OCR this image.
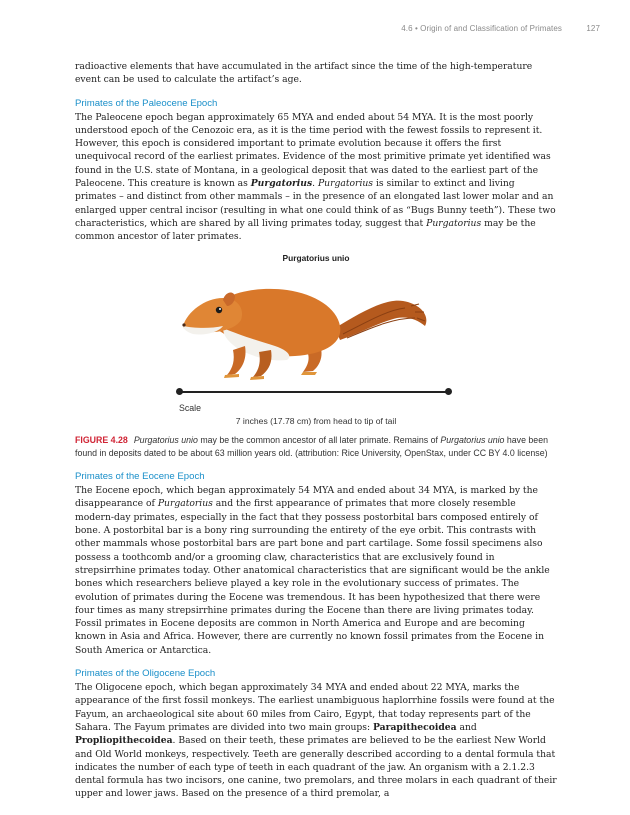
4.6 • Origin of and Classification of Primates	127

radioactive elements that have accumulated in the artifact since the time of the high-temperature event can be used to calculate the artifact’s age.

Primates of the Paleocene Epoch

The Paleocene epoch began approximately 65 MYA and ended about 54 MYA. It is the most poorly understood epoch of the Cenozoic era, as it is the time period with the fewest fossils to represent it. However, this epoch is considered important to primate evolution because it offers the first unequivocal record of the earliest primates. Evidence of the most primitive primate yet identified was found in the U.S. state of Montana, in a geological deposit that was dated to the earliest part of the Paleocene. This creature is known as Purgatorius. Purgatorius is similar to extinct and living primates – and distinct from other mammals – in the presence of an elongated last lower molar and an enlarged upper central incisor (resulting in what one could think of as “Bugs Bunny teeth”). These two characteristics, which are shared by all living primates today, suggest that Purgatorius may be the common ancestor of later primates.

Purgatorius unio
Scale
7 inches (17.78 cm) from head to tip of tail
FIGURE 4.28 Purgatorius unio may be the common ancestor of all later primate. Remains of Purgatorius unio have been found in deposits dated to be about 63 million years old. (attribution: Rice University, OpenStax, under CC BY 4.0 license)
Primates of the Eocene Epoch

The Eocene epoch, which began approximately 54 MYA and ended about 34 MYA, is marked by the disappearance of Purgatorius and the first appearance of primates that more closely resemble modern-day primates, especially in the fact that they possess postorbital bars composed entirely of bone. A postorbital bar is a bony ring surrounding the entirety of the eye orbit. This contrasts with other mammals whose postorbital bars are part bone and part cartilage. Some fossil specimens also possess a toothcomb and/or a grooming claw, characteristics that are exclusively found in strepsirrhine primates today. Other anatomical characteristics that are significant would be the ankle bones which researchers believe played a key role in the evolutionary success of primates. The evolution of primates during the Eocene was tremendous. It has been hypothesized that there were four times as many strepsirrhine primates during the Eocene than there are living primates today. Fossil primates in Eocene deposits are common in North America and Europe and are becoming known in Asia and Africa. However, there are currently no known fossil primates from the Eocene in South America or Antarctica.

Primates of the Oligocene Epoch

The Oligocene epoch, which began approximately 34 MYA and ended about 22 MYA, marks the appearance of the first fossil monkeys. The earliest unambiguous haplorrhine fossils were found at the Fayum, an archaeological site about 60 miles from Cairo, Egypt, that today represents part of the Sahara. The Fayum primates are divided into two main groups: Parapithecoidea and Propliopithecoidea. Based on their teeth, these primates are believed to be the earliest New World and Old World monkeys, respectively. Teeth are generally described according to a dental formula that indicates the number of each type of teeth in each quadrant of the jaw. An organism with a 2.1.2.3 dental formula has two incisors, one canine, two premolars, and three molars in each quadrant of their upper and lower jaws. Based on the presence of a third premolar, a
